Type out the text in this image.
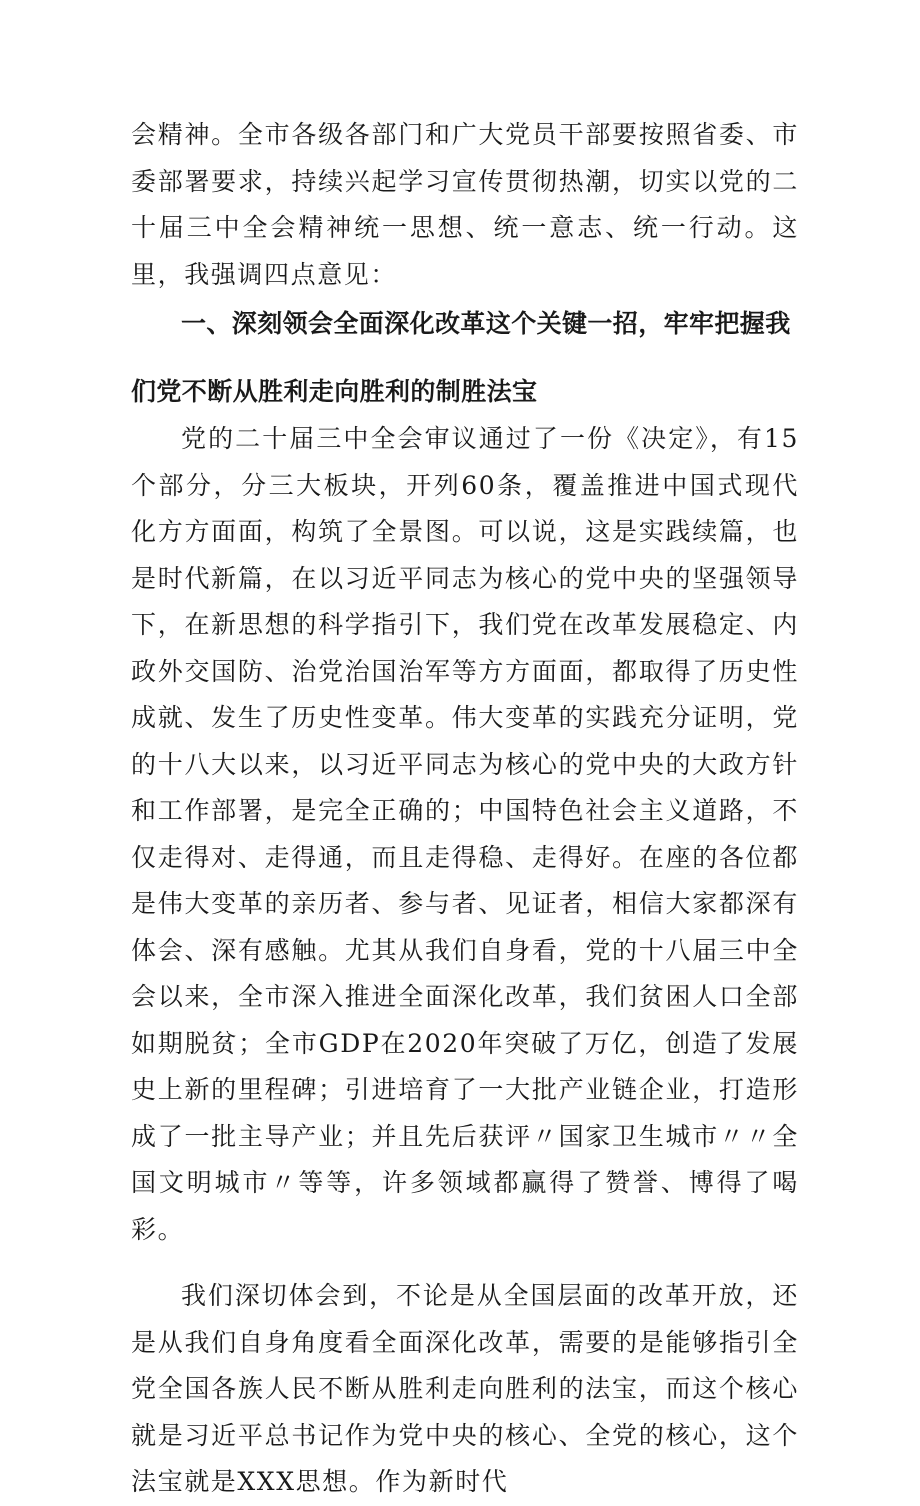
会精神。全市各级各部门和广大党员干部要按照省委、市委部署要求，持续兴起学习宣传贯彻热潮，切实以党的二十届三中全会精神统一思想、统一意志、统一行动。这里，我强调四点意见：

一、深刻领会全面深化改革这个关键一招，牢牢把握我
们党不断从胜利走向胜利的制胜法宝

党的二十届三中全会审议通过了一份《决定》，有15个部分，分三大板块，开列60条，覆盖推进中国式现代化方方面面，构筑了全景图。可以说，这是实践续篇，也是时代新篇，在以习近平同志为核心的党中央的坚强领导下，在新思想的科学指引下，我们党在改革发展稳定、内政外交国防、治党治国治军等方方面面，都取得了历史性成就、发生了历史性变革。伟大变革的实践充分证明，党的十八大以来，以习近平同志为核心的党中央的大政方针和工作部署，是完全正确的；中国特色社会主义道路，不仅走得对、走得通，而且走得稳、走得好。在座的各位都是伟大变革的亲历者、参与者、见证者，相信大家都深有体会、深有感触。尤其从我们自身看，党的十八届三中全会以来，全市深入推进全面深化改革，我们贫困人口全部如期脱贫；全市GDP在2020年突破了万亿，创造了发展史上新的里程碑；引进培育了一大批产业链企业，打造形成了一批主导产业；并且先后获评〃国家卫生城市〃〃全国文明城市〃等等，许多领域都赢得了赞誉、博得了喝彩。

我们深切体会到，不论是从全国层面的改革开放，还是从我们自身角度看全面深化改革，需要的是能够指引全党全国各族人民不断从胜利走向胜利的法宝，而这个核心就是习近平总书记作为党中央的核心、全党的核心，这个法宝就是XXX思想。作为新时代
